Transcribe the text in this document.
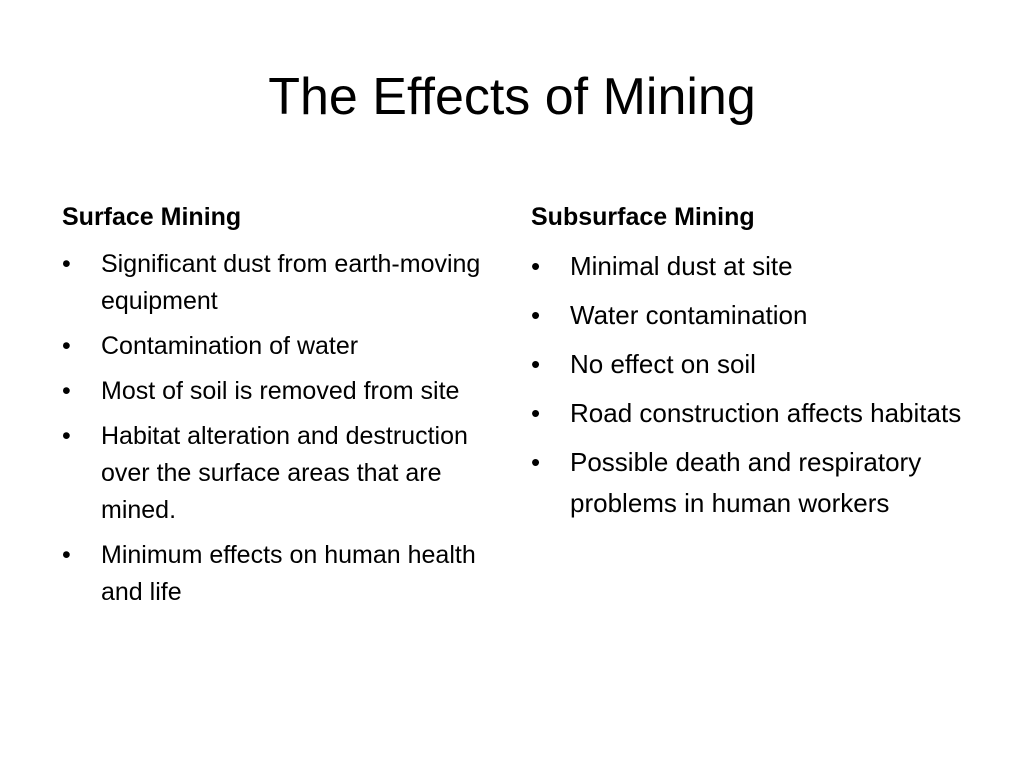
The Effects of Mining
Surface Mining
•	Significant dust from earth-moving equipment
•	Contamination of water
•	Most of soil is removed from site
•	Habitat alteration and destruction over the surface areas that are mined.
•	Minimum effects on human health and life
Subsurface Mining
•	Minimal dust at site
•	Water contamination
•	No effect on soil
•	Road construction affects habitats
•	Possible death and respiratory problems in human workers
